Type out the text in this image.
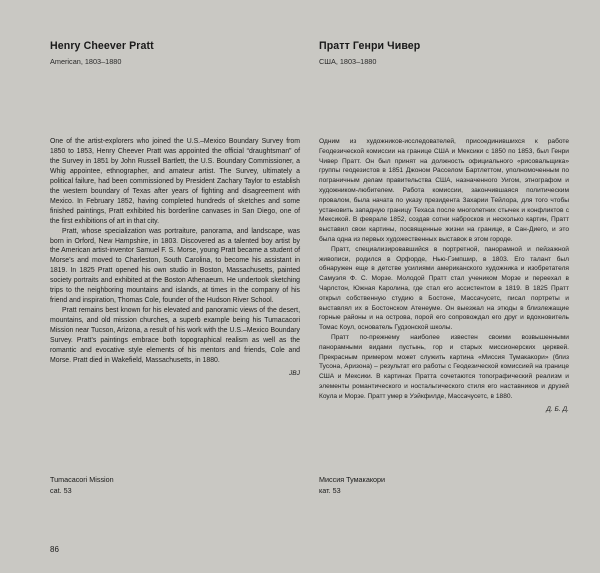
Henry Cheever Pratt

American, 1803–1880

One of the artist-explorers who joined the U.S.–Mexico Boundary Survey from 1850 to 1853, Henry Cheever Pratt was appointed the official “draughtsman” of the Survey in 1851 by John Russell Bartlett, the U.S. Boundary Commissioner, a Whig appointee, ethnographer, and amateur artist. The Survey, ultimately a political failure, had been commissioned by President Zachary Taylor to establish the western boundary of Texas after years of fighting and disagreement with Mexico. In February 1852, having completed hundreds of sketches and some finished paintings, Pratt exhibited his borderline canvases in San Diego, one of the first exhibitions of art in that city.

Pratt, whose specialization was portraiture, panorama, and landscape, was born in Orford, New Hampshire, in 1803. Discovered as a talented boy artist by the American artist-inventor Samuel F. S. Morse, young Pratt became a student of Morse’s and moved to Charleston, South Carolina, to become his assistant in 1819. In 1825 Pratt opened his own studio in Boston, Massachusetts, painted society portraits and exhibited at the Boston Athenaeum. He undertook sketching trips to the neighboring mountains and islands, at times in the company of his friend and inspiration, Thomas Cole, founder of the Hudson River School.

Pratt remains best known for his elevated and panoramic views of the desert, mountains, and old mission churches, a superb example being his Tumacacori Mission near Tucson, Arizona, a result of his work with the U.S.–Mexico Boundary Survey. Pratt’s paintings embrace both topographical realism as well as the romantic and evocative style elements of his mentors and friends, Cole and Morse. Pratt died in Wakefield, Massachusetts, in 1880.

JBJ

Пратт Генри Чивер

США, 1803–1880

Одним из художников-исследователей, присоединившихся к работе Геодезической комиссии на границе США и Мексики с 1850 по 1853, был Генри Чивер Пратт. Он был принят на должность официального «рисовальщика» группы геодезистов в 1851 Джоном Расселом Бартлеттом, уполномоченным по пограничным делам правительства США, назначенного Уигом, этнографом и художником-любителем. Работа комиссии, закончившаяся политическим провалом, была начата по указу президента Захарии Тейлора, для того чтобы установить западную границу Техаса после многолетних стычек и конфликтов с Мексикой. В феврале 1852, создав сотни набросков и несколько картин, Пратт выставил свои картины, посвященные жизни на границе, в Сан-Диего, и это была одна из первых художественных выставок в этом городе.

Пратт, специализировавшийся в портретной, панорамной и пейзажной живописи, родился в Орфорде, Нью-Гэмпшир, в 1803. Его талант был обнаружен еще в детстве усилиями американского художника и изобретателя Самуэля Ф. С. Морзе. Молодой Пратт стал учеником Морзе и переехал в Чарлстон, Южная Каролина, где стал его ассистентом в 1819. В 1825 Пратт открыл собственную студию в Бостоне, Массачусетс, писал портреты и выставлял их в Бостонском Атенеуме. Он выезжал на этюды в близлежащие горные районы и на острова, порой его сопровождал его друг и вдохновитель Томас Коул, основатель Гудзонской школы.

Пратт по-прежнему наиболее известен своими возвышенными панорамными видами пустынь, гор и старых миссионерских церквей. Прекрасным примером может служить картина «Миссия Тумакакори» (близ Тусона, Аризона) – результат его работы с Геодезической комиссией на границе США и Мексики. В картинах Пратта сочетаются топографический реализм и элементы романтического и ностальгического стиля его наставников и друзей Коула и Морзе. Пратт умер в Уэйкфилде, Массачусетс, в 1880.

Д. Б. Д.

Tumacacori Mission
cat. 53
Миссия Тумакакори
кат. 53
86
